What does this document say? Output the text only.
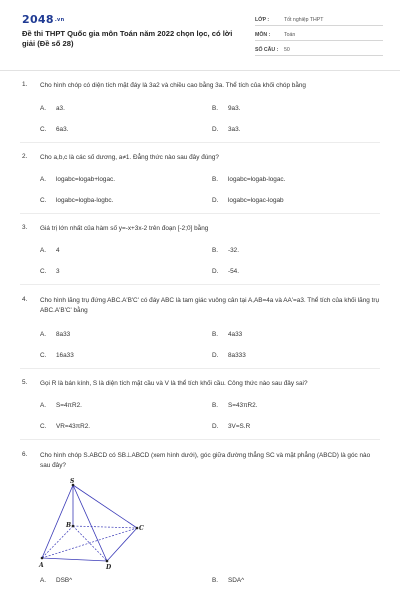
2048.vn
Đề thi THPT Quốc gia môn Toán năm 2022 chọn lọc, có lời giải (Đề số 28)
LỚP :	Tốt nghiệp THPT
MÔN :	Toán
SỐ CÂU : 50
1. Cho hình chóp có diện tích mặt đáy là 3a2 và chiều cao bằng 3a. Thể tích của khối chóp bằng
A. a3.	B. 9a3.
C. 6a3.	D. 3a3.
2. Cho a,b,c là các số dương, a≠1. Đẳng thức nào sau đây đúng?
A. logabc=logab+logac.	B. logabc=logab-logac.
C. logabc=logba-logbc.	D. logabc=logac-logab
3. Giá trị lớn nhất của hàm số y=-x+3x-2 trên đoạn [-2;0] bằng
A. 4	B. -32.
C. 3	D. -54.
4. Cho hình lăng trụ đứng ABC.A'B'C' có đáy ABC là tam giác vuông cân tại A,AB=4a và AA'=a3. Thể tích của khối lăng trụ ABC.A'B'C' bằng
A. 8a33	B. 4a33
C. 16a33	D. 8a333
5. Gọi R là bán kính, S là diện tích mặt cầu và V là thể tích khối cầu. Công thức nào sau đây sai?
A. S=4πR2.	B. S=43πR2.
C. VR=43πR2.	D. 3V=S.R
6. Cho hình chóp S.ABCD có SB⊥ABCD (xem hình dưới), góc giữa đường thẳng SC và mặt phẳng (ABCD) là góc nào sau đây?
A. DSB^	B. SDA^
S
B	C
A	D
